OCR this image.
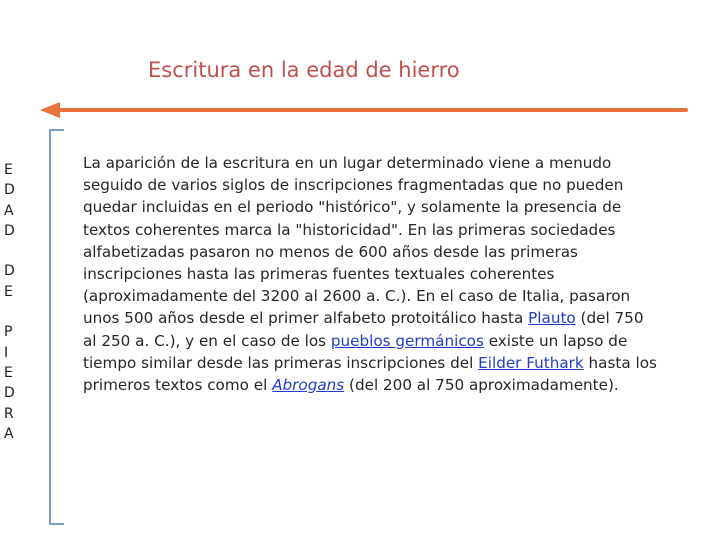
Escritura en la edad de hierro
E
D
A
D
D
E
P
I
E
D
R
A
La aparición de la escritura en un lugar determinado viene a menudo seguido de varios siglos de inscripciones fragmentadas que no pueden quedar incluidas en el periodo "histórico", y solamente la presencia de textos coherentes marca la "historicidad". En las primeras sociedades alfabetizadas pasaron no menos de 600 años desde las primeras inscripciones hasta las primeras fuentes textuales coherentes (aproximadamente del 3200 al 2600 a. C.). En el caso de Italia, pasaron unos 500 años desde el primer alfabeto protoitálico hasta Plauto (del 750 al 250 a. C.), y en el caso de los pueblos germánicos existe un lapso de tiempo similar desde las primeras inscripciones del Eilder Futhark hasta los primeros textos como el Abrogans (del 200 al 750 aproximadamente).
